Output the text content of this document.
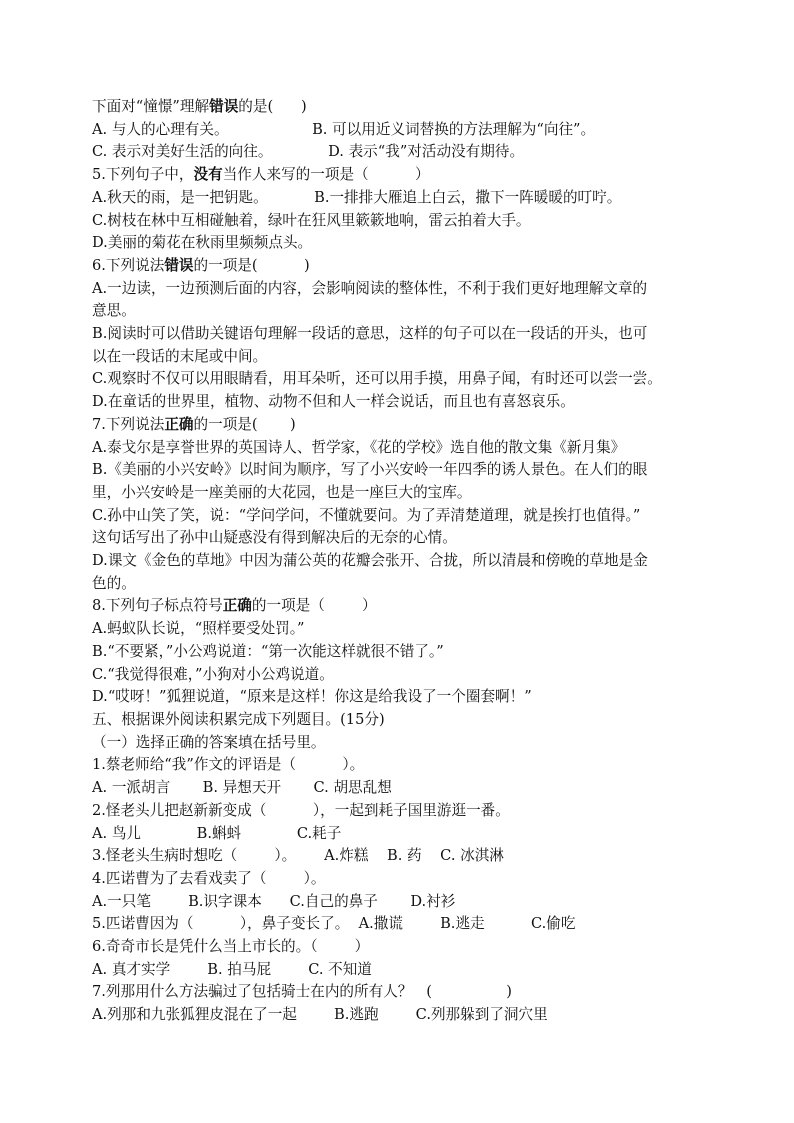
下面对“憧憬”理解错误的是(      )
A. 与人的心理有关。                  B. 可以用近义词替换的方法理解为“向往”。
C. 表示对美好生活的向往。            D. 表示“我”对活动没有期待。
5.下列句子中，没有当作人来写的一项是（          ）
A.秋天的雨，是一把钥匙。          B.一排排大雁追上白云，撒下一阵暖暖的叮咛。
C.树枝在林中互相碰触着，绿叶在狂风里簌簌地响，雷云拍着大手。
D.美丽的菊花在秋雨里频频点头。
6.下列说法错误的一项是(          )
A.一边读，一边预测后面的内容，会影响阅读的整体性，不利于我们更好地理解文章的
意思。
B.阅读时可以借助关键语句理解一段话的意思，这样的句子可以在一段话的开头，也可
以在一段话的末尾或中间。
C.观察时不仅可以用眼睛看，用耳朵听，还可以用手摸，用鼻子闻，有时还可以尝一尝。
D.在童话的世界里，植物、动物不但和人一样会说话，而且也有喜怒哀乐。
7.下列说法正确的一项是(       )
A.泰戈尔是享誉世界的英国诗人、哲学家，《花的学校》选自他的散文集《新月集》
B.《美丽的小兴安岭》以时间为顺序，写了小兴安岭一年四季的诱人景色。在人们的眼
里，小兴安岭是一座美丽的大花园，也是一座巨大的宝库。
C.孙中山笑了笑，说：“学问学问，不懂就要问。为了弄清楚道理，就是挨打也值得。”
这句话写出了孙中山疑惑没有得到解决后的无奈的心情。
D.课文《金色的草地》中因为蒲公英的花瓣会张开、合拢，所以清晨和傍晚的草地是金
色的。
8.下列句子标点符号正确的一项是（        ）
A.蚂蚁队长说，“照样要受处罚。”
B.“不要紧，”小公鸡说道：“第一次能这样就很不错了。”
C.“我觉得很难，”小狗对小公鸡说道。
D.“哎呀！”狐狸说道，“原来是这样！你这是给我设了一个圈套啊！”
五、根据课外阅读积累完成下列题目。(15分)
（一）选择正确的答案填在括号里。
1.蔡老师给“我”作文的评语是（          ）。
A. 一派胡言       B. 异想天开       C. 胡思乱想
2.怪老头儿把赵新新变成（          ），一起到耗子国里游逛一番。
A. 鸟儿            B.蝌蚪            C.耗子
3.怪老头生病时想吃（        ）。      A.炸糕    B. 药    C. 冰淇淋
4.匹诺曹为了去看戏卖了（        ）。
A.一只笔        B.识字课本      C.自己的鼻子       D.衬衫
5.匹诺曹因为（          ），鼻子变长了。  A.撒谎        B.逃走          C.偷吃
6.奇奇市长是凭什么当上市长的。（        ）
A. 真才实学        B. 拍马屁        C. 不知道
7.列那用什么方法骗过了包括骑士在内的所有人？   (                )
A.列那和九张狐狸皮混在了一起        B.逃跑        C.列那躲到了洞穴里
